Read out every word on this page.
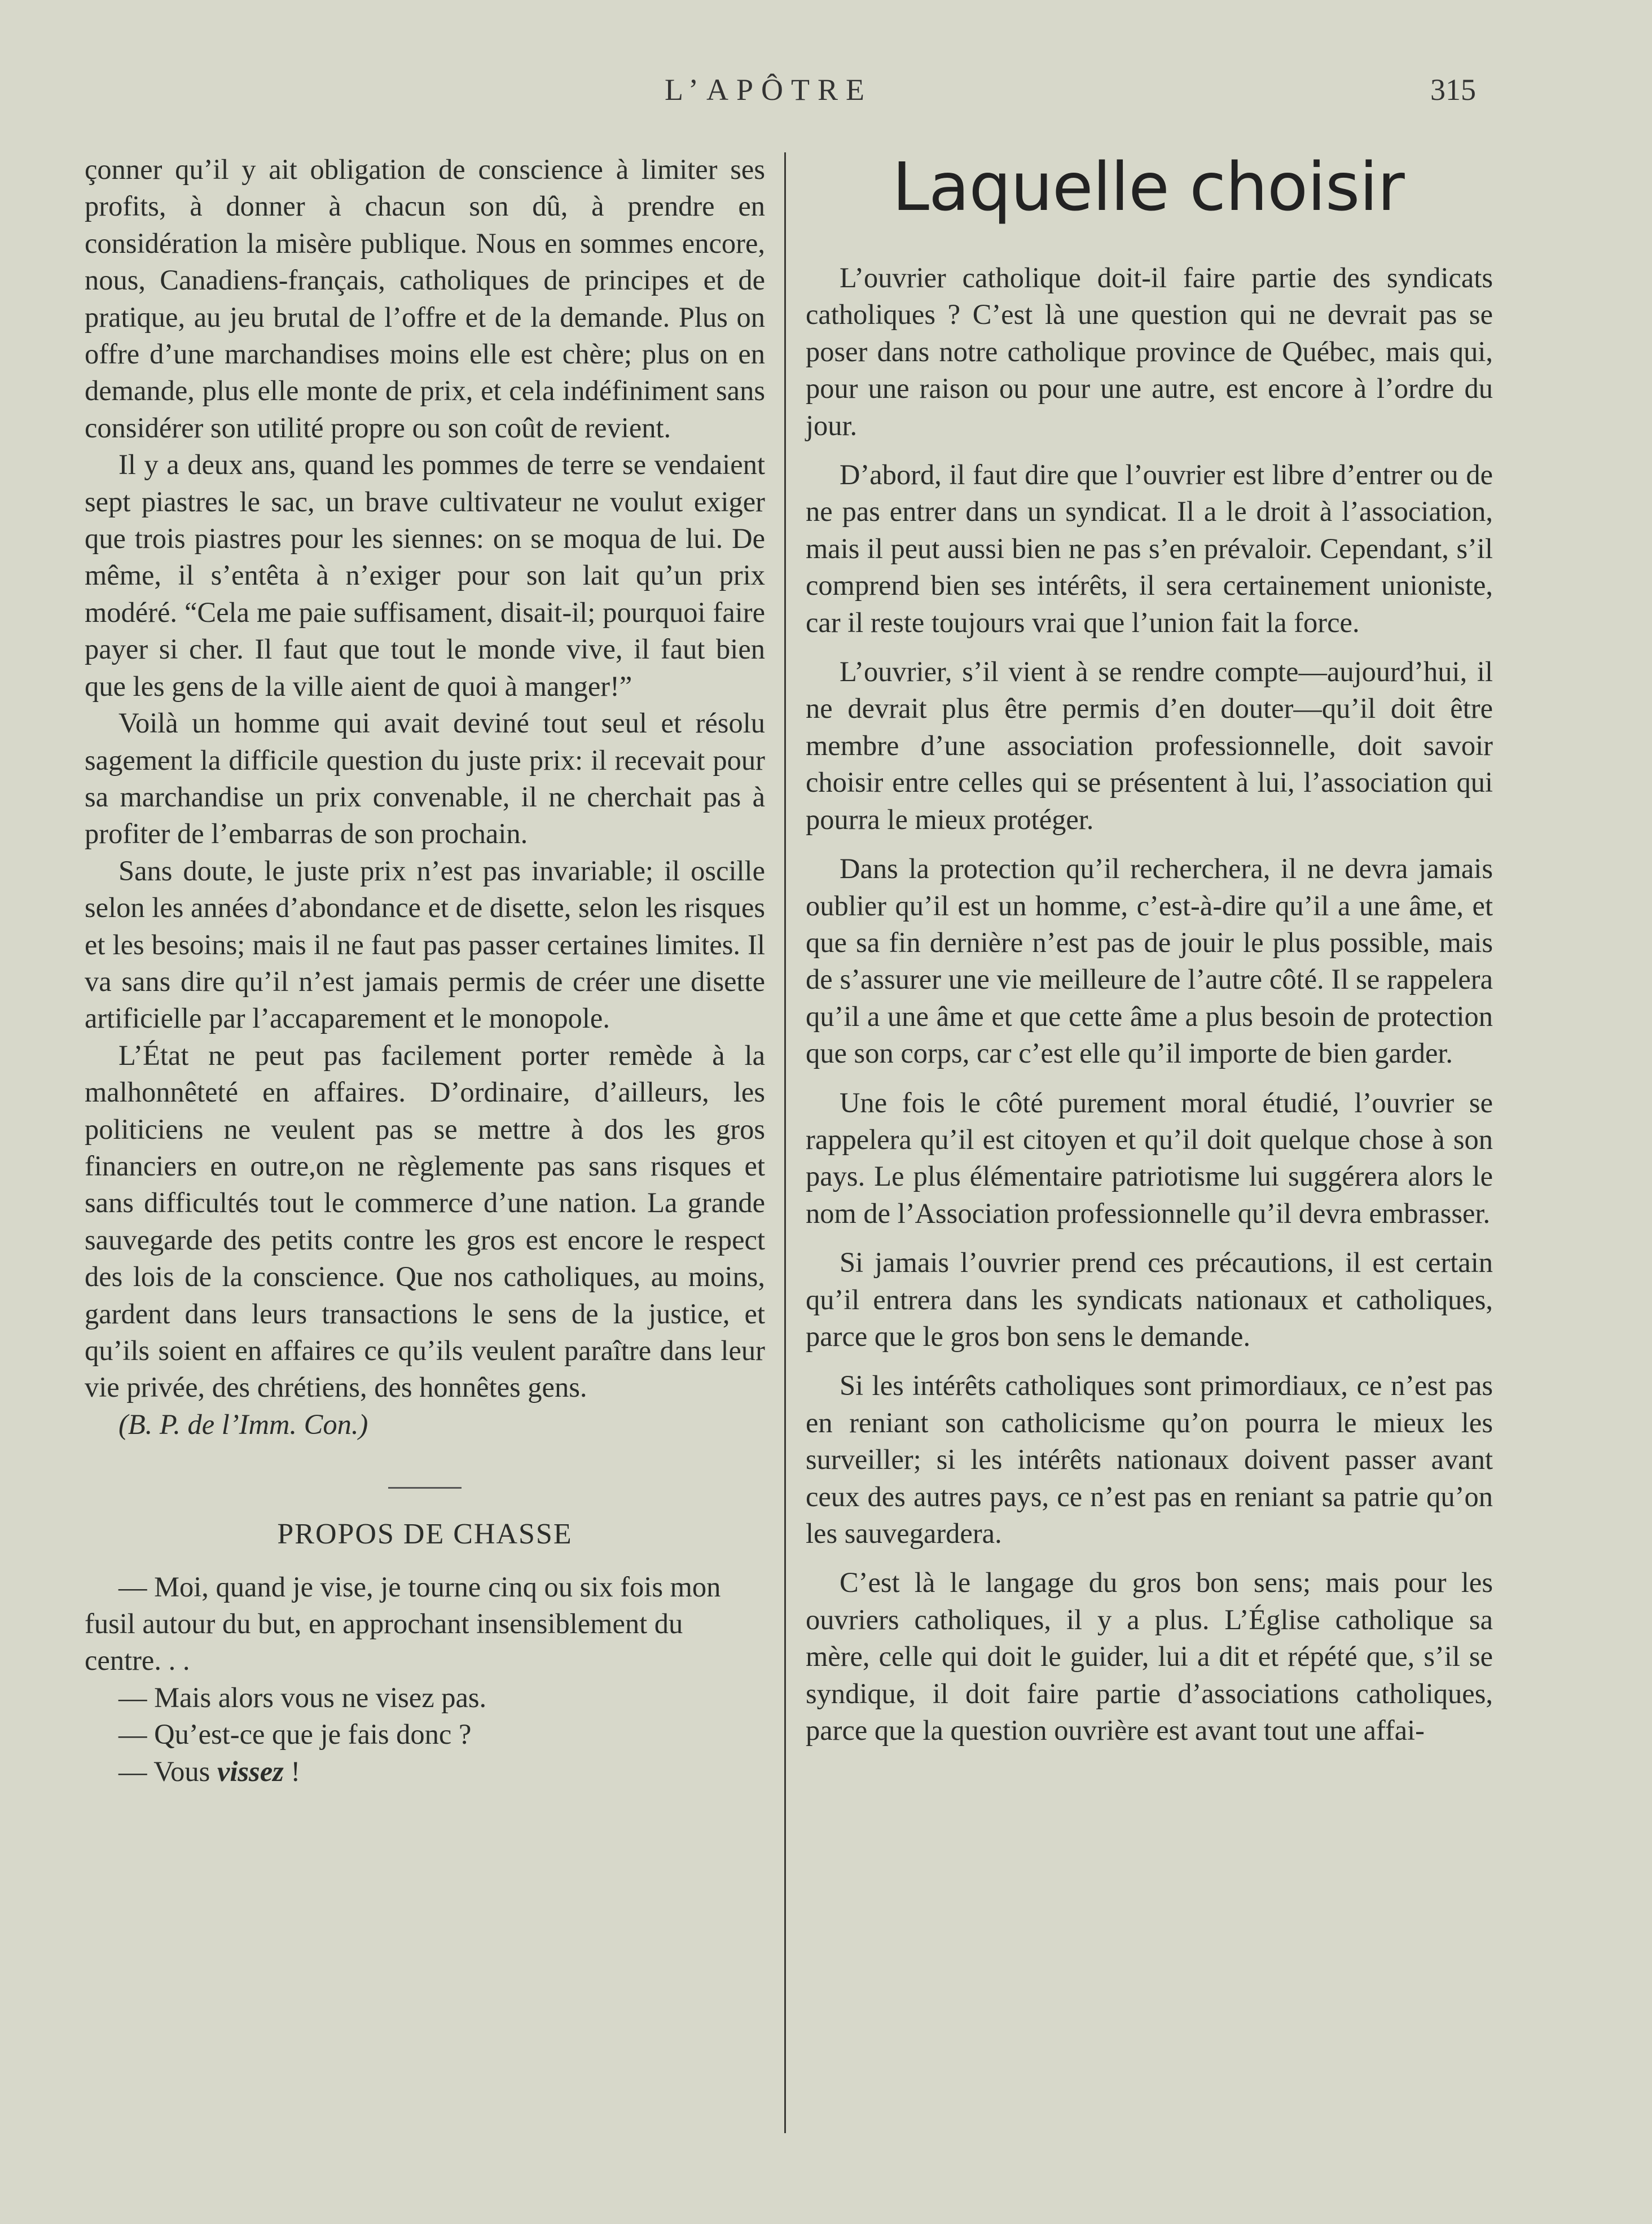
L’APÔTRE	315

çonner qu’il y ait obligation de conscience à limiter ses profits, à donner à chacun son dû, à prendre en considération la misère publique. Nous en sommes encore, nous, Canadiens-français, catholiques de principes et de pratique, au jeu brutal de l’offre et de la demande. Plus on offre d’une marchandises moins elle est chère; plus on en demande, plus elle monte de prix, et cela indéfiniment sans considérer son utilité propre ou son coût de revient.

Il y a deux ans, quand les pommes de terre se vendaient sept piastres le sac, un brave cultivateur ne voulut exiger que trois piastres pour les siennes: on se moqua de lui. De même, il s’entêta à n’exiger pour son lait qu’un prix modéré. “Cela me paie suffisament, disait-il; pourquoi faire payer si cher. Il faut que tout le monde vive, il faut bien que les gens de la ville aient de quoi à manger!”

Voilà un homme qui avait deviné tout seul et résolu sagement la difficile question du juste prix: il recevait pour sa marchandise un prix convenable, il ne cherchait pas à profiter de l’embarras de son prochain.

Sans doute, le juste prix n’est pas invariable; il oscille selon les années d’abondance et de disette, selon les risques et les besoins; mais il ne faut pas passer certaines limites. Il va sans dire qu’il n’est jamais permis de créer une disette artificielle par l’accaparement et le monopole.

L’État ne peut pas facilement porter remède à la malhonnêteté en affaires. D’ordinaire, d’ailleurs, les politiciens ne veulent pas se mettre à dos les gros financiers en outre,on ne règlemente pas sans risques et sans difficultés tout le commerce d’une nation. La grande sauvegarde des petits contre les gros est encore le respect des lois de la conscience. Que nos catholiques, au moins, gardent dans leurs transactions le sens de la justice, et qu’ils soient en affaires ce qu’ils veulent paraître dans leur vie privée, des chrétiens, des honnêtes gens.

(B. P. de l’Imm. Con.)

PROPOS DE CHASSE

— Moi, quand je vise, je tourne cinq ou six fois mon fusil autour du but, en approchant insensiblement du centre. . .

— Mais alors vous ne visez pas.

— Qu’est-ce que je fais donc ?

— Vous vissez !

Laquelle choisir

L’ouvrier catholique doit-il faire partie des syndicats catholiques ? C’est là une question qui ne devrait pas se poser dans notre catholique province de Québec, mais qui, pour une raison ou pour une autre, est encore à l’ordre du jour.

D’abord, il faut dire que l’ouvrier est libre d’entrer ou de ne pas entrer dans un syndicat. Il a le droit à l’association, mais il peut aussi bien ne pas s’en prévaloir. Cependant, s’il comprend bien ses intérêts, il sera certainement unioniste, car il reste toujours vrai que l’union fait la force.

L’ouvrier, s’il vient à se rendre compte—aujourd’hui, il ne devrait plus être permis d’en douter—qu’il doit être membre d’une association professionnelle, doit savoir choisir entre celles qui se présentent à lui, l’association qui pourra le mieux protéger.

Dans la protection qu’il recherchera, il ne devra jamais oublier qu’il est un homme, c’est-à-dire qu’il a une âme, et que sa fin dernière n’est pas de jouir le plus possible, mais de s’assurer une vie meilleure de l’autre côté. Il se rappelera qu’il a une âme et que cette âme a plus besoin de protection que son corps, car c’est elle qu’il importe de bien garder.

Une fois le côté purement moral étudié, l’ouvrier se rappelera qu’il est citoyen et qu’il doit quelque chose à son pays. Le plus élémentaire patriotisme lui suggérera alors le nom de l’Association professionnelle qu’il devra embrasser.

Si jamais l’ouvrier prend ces précautions, il est certain qu’il entrera dans les syndicats nationaux et catholiques, parce que le gros bon sens le demande.

Si les intérêts catholiques sont primordiaux, ce n’est pas en reniant son catholicisme qu’on pourra le mieux les surveiller; si les intérêts nationaux doivent passer avant ceux des autres pays, ce n’est pas en reniant sa patrie qu’on les sauvegardera.

C’est là le langage du gros bon sens; mais pour les ouvriers catholiques, il y a plus. L’Église catholique sa mère, celle qui doit le guider, lui a dit et répété que, s’il se syndique, il doit faire partie d’associations catholiques, parce que la question ouvrière est avant tout une affai-
